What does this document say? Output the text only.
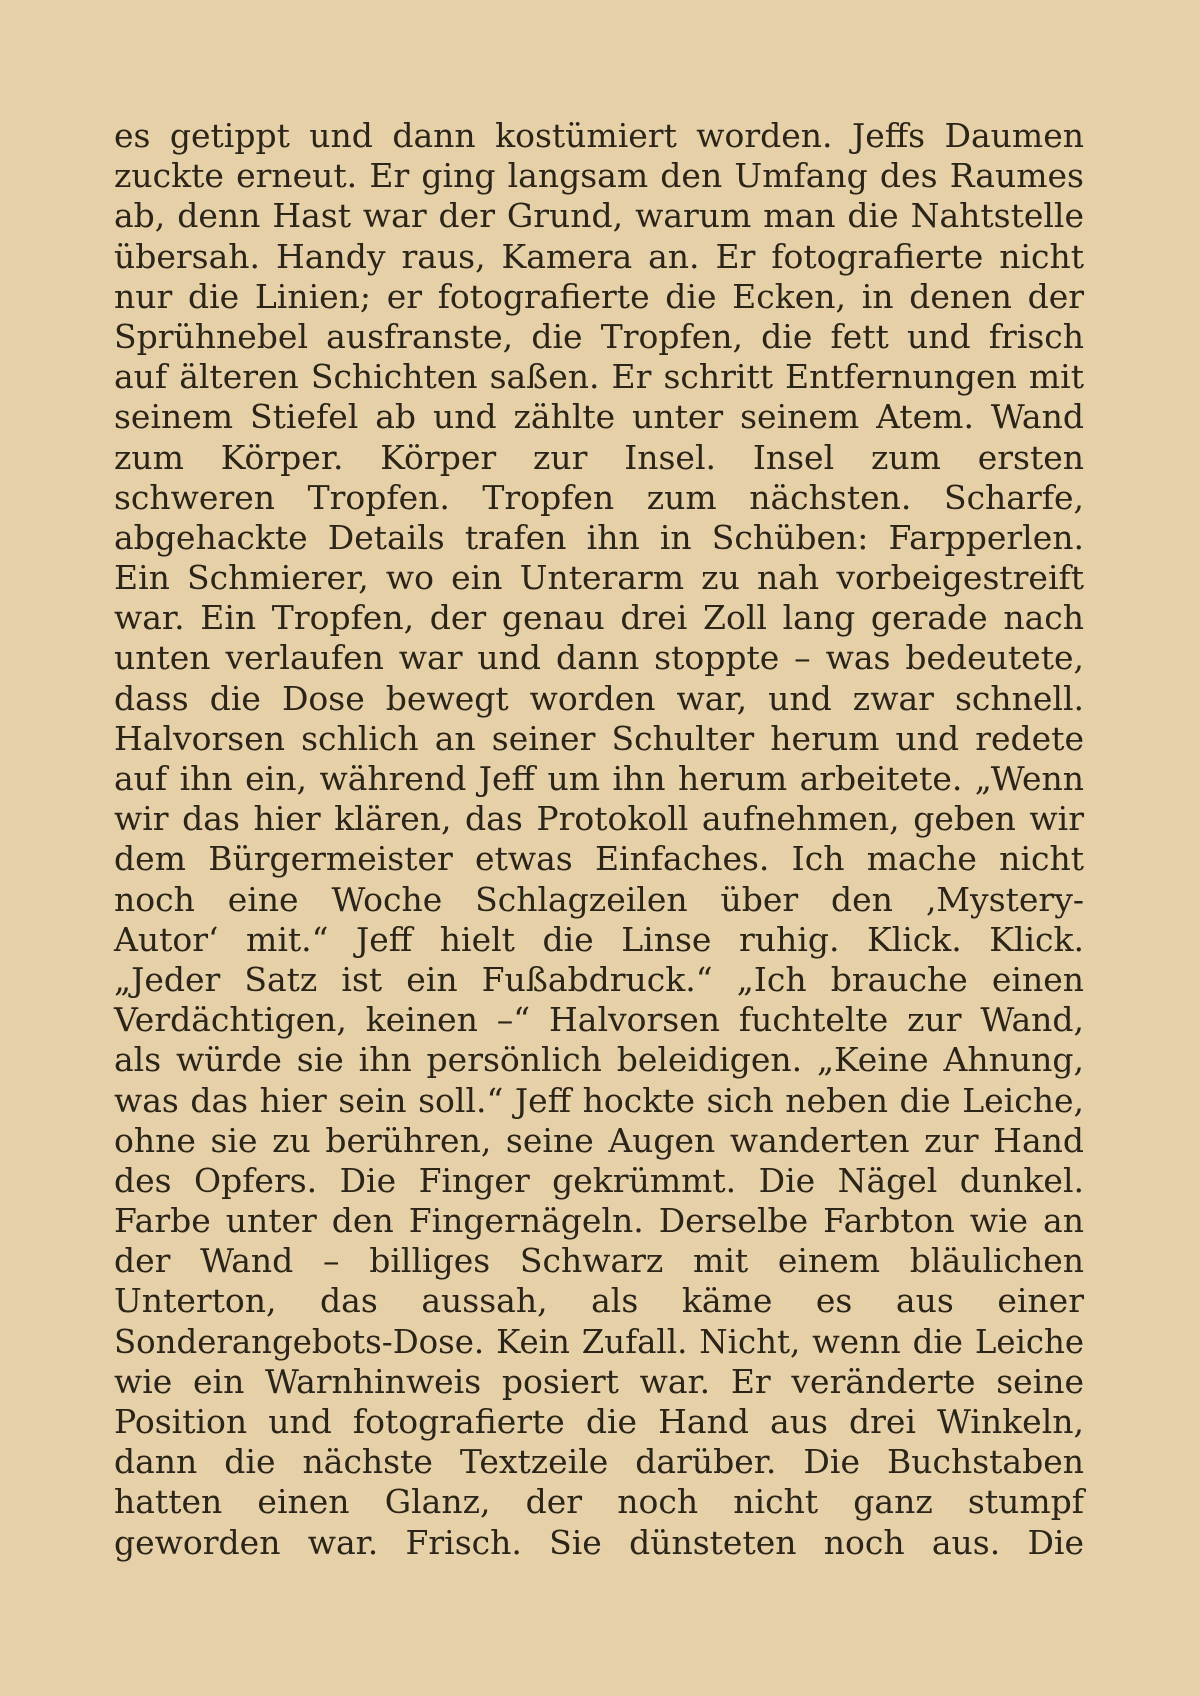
es getippt und dann kostümiert worden. Jeffs Daumen
zuckte erneut. Er ging langsam den Umfang des Raumes
ab, denn Hast war der Grund, warum man die Nahtstelle
übersah. Handy raus, Kamera an. Er fotografierte nicht
nur die Linien; er fotografierte die Ecken, in denen der
Sprühnebel ausfranste, die Tropfen, die fett und frisch
auf älteren Schichten saßen. Er schritt Entfernungen mit
seinem Stiefel ab und zählte unter seinem Atem. Wand
zum Körper. Körper zur Insel. Insel zum ersten
schweren Tropfen. Tropfen zum nächsten. Scharfe,
abgehackte Details trafen ihn in Schüben: Farpperlen.
Ein Schmierer, wo ein Unterarm zu nah vorbeigestreift
war. Ein Tropfen, der genau drei Zoll lang gerade nach
unten verlaufen war und dann stoppte – was bedeutete,
dass die Dose bewegt worden war, und zwar schnell.
Halvorsen schlich an seiner Schulter herum und redete
auf ihn ein, während Jeff um ihn herum arbeitete. „Wenn
wir das hier klären, das Protokoll aufnehmen, geben wir
dem Bürgermeister etwas Einfaches. Ich mache nicht
noch eine Woche Schlagzeilen über den ‚Mystery-
Autor‘ mit.“ Jeff hielt die Linse ruhig. Klick. Klick.
„Jeder Satz ist ein Fußabdruck.“ „Ich brauche einen
Verdächtigen, keinen –“ Halvorsen fuchtelte zur Wand,
als würde sie ihn persönlich beleidigen. „Keine Ahnung,
was das hier sein soll.“ Jeff hockte sich neben die Leiche,
ohne sie zu berühren, seine Augen wanderten zur Hand
des Opfers. Die Finger gekrümmt. Die Nägel dunkel.
Farbe unter den Fingernägeln. Derselbe Farbton wie an
der Wand – billiges Schwarz mit einem bläulichen
Unterton, das aussah, als käme es aus einer
Sonderangebots-Dose. Kein Zufall. Nicht, wenn die Leiche
wie ein Warnhinweis posiert war. Er veränderte seine
Position und fotografierte die Hand aus drei Winkeln,
dann die nächste Textzeile darüber. Die Buchstaben
hatten einen Glanz, der noch nicht ganz stumpf
geworden war. Frisch. Sie dünsteten noch aus. Die
